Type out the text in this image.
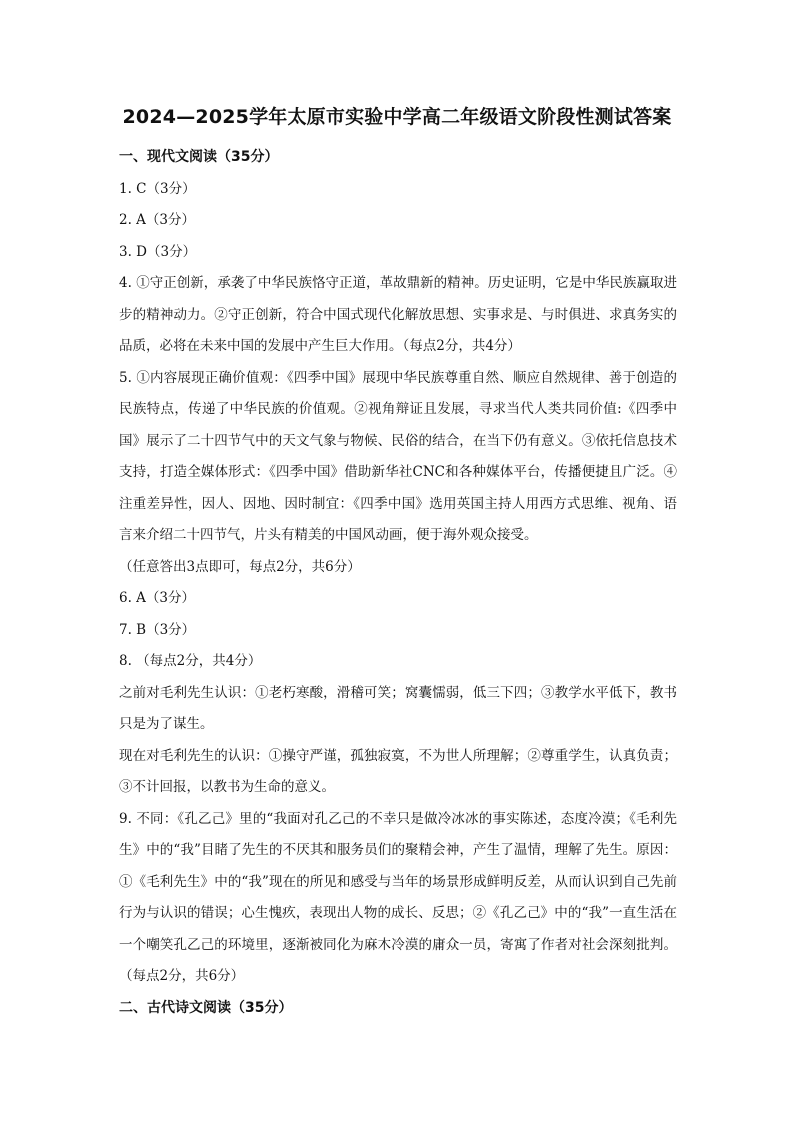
2024—2025学年太原市实验中学高二年级语文阶段性测试答案

一、现代文阅读（35分）

1. C（3分）

2. A（3分）

3. D（3分）

4. ①守正创新，承袭了中华民族恪守正道，革故鼎新的精神。历史证明，它是中华民族赢取进步的精神动力。②守正创新，符合中国式现代化解放思想、实事求是、与时俱进、求真务实的品质，必将在未来中国的发展中产生巨大作用。（每点2分，共4分）

5. ①内容展现正确价值观：《四季中国》展现中华民族尊重自然、顺应自然规律、善于创造的民族特点，传递了中华民族的价值观。②视角辩证且发展，寻求当代人类共同价值:《四季中国》展示了二十四节气中的天文气象与物候、民俗的结合，在当下仍有意义。③依托信息技术支持，打造全媒体形式：《四季中国》借助新华社CNC和各种媒体平台，传播便捷且广泛。④注重差异性，因人、因地、因时制宜：《四季中国》选用英国主持人用西方式思维、视角、语言来介绍二十四节气，片头有精美的中国风动画，便于海外观众接受。

（任意答出3点即可，每点2分，共6分）

6. A（3分）

7. B（3分）

8. （每点2分，共4分）

之前对毛利先生认识：①老朽寒酸，滑稽可笑；窝囊懦弱，低三下四；③教学水平低下，教书只是为了谋生。

现在对毛利先生的认识：①操守严谨，孤独寂寞，不为世人所理解；②尊重学生，认真负责；③不计回报，以教书为生命的意义。

9. 不同：《孔乙己》里的“我面对孔乙己的不幸只是做冷冰冰的事实陈述，态度冷漠；《毛利先生》中的“我”目睹了先生的不厌其和服务员们的聚精会神，产生了温情，理解了先生。原因：①《毛利先生》中的“我”现在的所见和感受与当年的场景形成鲜明反差，从而认识到自己先前行为与认识的错误；心生愧疚，表现出人物的成长、反思；②《孔乙己》中的“我”一直生活在一个嘲笑孔乙己的环境里，逐渐被同化为麻木冷漠的庸众一员，寄寓了作者对社会深刻批判。（每点2分，共6分）

二、古代诗文阅读（35分）
